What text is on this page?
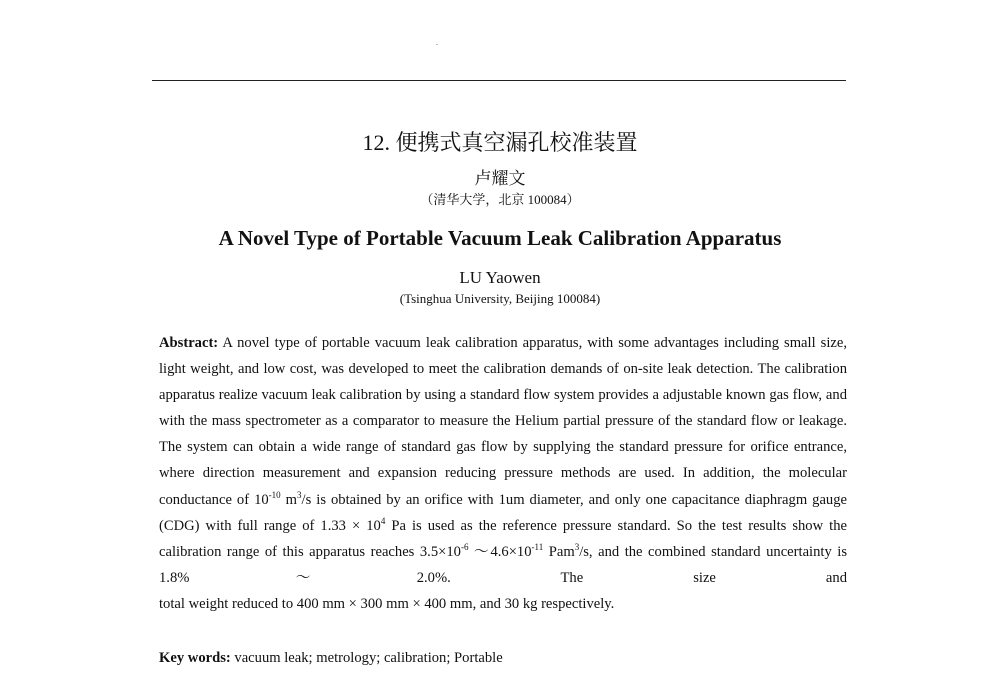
12. 便携式真空漏孔校准装置
卢耀文
（清华大学，北京 100084）
A Novel Type of Portable Vacuum Leak Calibration Apparatus
LU Yaowen
(Tsinghua University, Beijing 100084)
Abstract: A novel type of portable vacuum leak calibration apparatus, with some advantages including small size, light weight, and low cost, was developed to meet the calibration demands of on-site leak detection. The calibration apparatus realize vacuum leak calibration by using a standard flow system provides a adjustable known gas flow, and with the mass spectrometer as a comparator to measure the Helium partial pressure of the standard flow or leakage. The system can obtain a wide range of standard gas flow by supplying the standard pressure for orifice entrance, where direction measurement and expansion reducing pressure methods are used. In addition, the molecular conductance of $10^{-10}$ $m^3/s$ is obtained by an orifice with 1um diameter, and only one capacitance diaphragm gauge (CDG) with full range of $1.33 \times 10^4$ Pa is used as the reference pressure standard. So the test results show the calibration range of this apparatus reaches $3.5\times 10^{-6}$ $\sim 4.6\times 10^{-11}$ Pam$^3$/s, and the combined standard uncertainty is 1.8%～2.0%. The size and
total weight reduced to 400 mm × 300 mm × 400 mm, and 30 kg respectively.
Key words: vacuum leak; metrology; calibration; Portable
